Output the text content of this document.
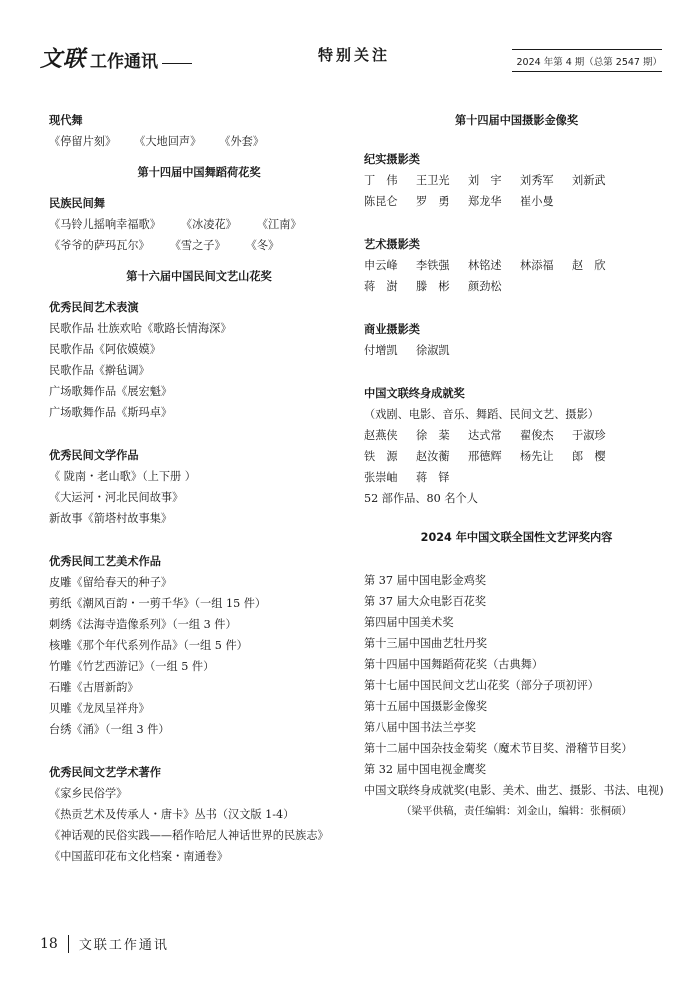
文联 工作通讯	特别关注	2024 年第 4 期（总第 2547 期）
现代舞
《停留片刻》 《大地回声》 《外套》
第十四届中国舞蹈荷花奖
民族民间舞
《马铃儿摇响幸福歌》 《冰凌花》 《江南》
《爷爷的萨玛瓦尔》 《雪之子》 《冬》
第十六届中国民间文艺山花奖
优秀民间艺术表演
民歌作品 壮族欢哈《歌路长情海深》
民歌作品《阿依嫫嫫》
民歌作品《擀毡调》
广场歌舞作品《展宏魁》
广场歌舞作品《斯玛卓》
优秀民间文学作品
《 陇南・老山歌》（上下册 ）
《大运河・河北民间故事》
新故事《箭塔村故事集》
优秀民间工艺美术作品
皮雕《留给春天的种子》
剪纸《潮风百韵・一剪千华》（一组 15 件）
刺绣《法海寺造像系列》（一组 3 件）
核雕《那个年代系列作品》（一组 5 件）
竹雕《竹艺西游记》（一组 5 件）
石雕《古厝新韵》
贝雕《龙凤呈祥舟》
台绣《涌》（一组 3 件）
优秀民间文艺学术著作
《家乡民俗学》
《热贡艺术及传承人・唐卡》丛书（汉文版 1-4）
《神话观的民俗实践——稻作哈尼人神话世界的民族志》
《中国蓝印花布文化档案・南通卷》
第十四届中国摄影金像奖
纪实摄影类
丁　伟	王卫光	刘　宇	刘秀军	刘新武
陈昆仑	罗　勇	郑龙华	崔小曼
艺术摄影类
申云峰	李铁强	林铭述	林添福	赵　欣
蒋　澍	滕　彬	颜劲松
商业摄影类
付增凯	徐淑凯
中国文联终身成就奖
（戏剧、电影、音乐、舞蹈、民间文艺、摄影）
赵燕侠	徐　棻	达式常	翟俊杰	于淑珍
铁　源	赵汝蘅	邢德辉	杨先让	郎　樱
张崇岫	蒋　铎
52 部作品、80 名个人
2024 年中国文联全国性文艺评奖内容
第 37 届中国电影金鸡奖
第 37 届大众电影百花奖
第四届中国美术奖
第十三届中国曲艺牡丹奖
第十四届中国舞蹈荷花奖（古典舞）
第十七届中国民间文艺山花奖（部分子项初评）
第十五届中国摄影金像奖
第八届中国书法兰亭奖
第十二届中国杂技金菊奖（魔术节目奖、滑稽节目奖）
第 32 届中国电视金鹰奖
中国文联终身成就奖(电影、美术、曲艺、摄影、书法、电视)
（梁平供稿，责任编辑：刘金山，编辑：张桐硕）
18 文联工作通讯
